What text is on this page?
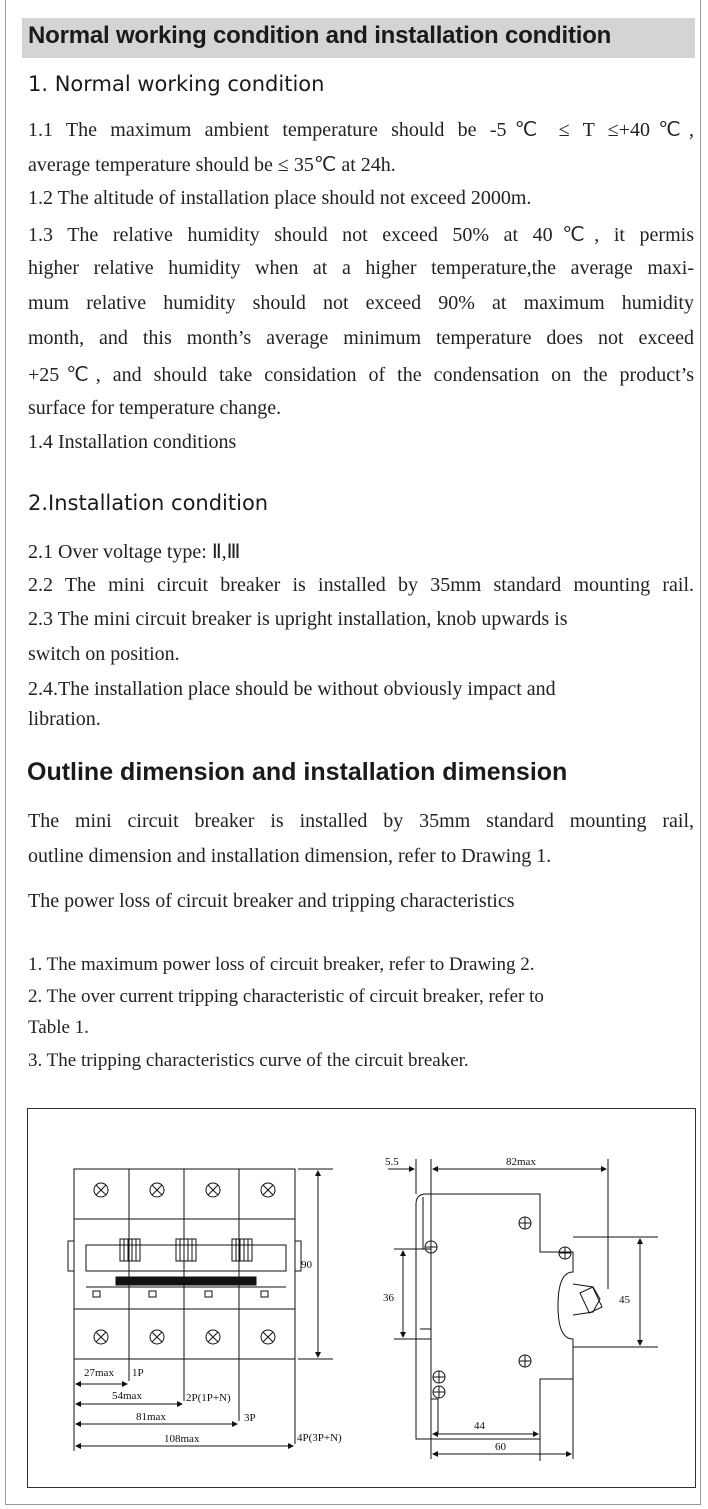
Normal working condition and installation condition
1. Normal working condition
1.1 The maximum ambient temperature should be -5℃ ≤ T ≤+40℃,
average temperature should be ≤ 35℃ at 24h.
1.2 The altitude of installation place should not exceed 2000m.
1.3 The relative humidity should not exceed 50% at 40℃, it permis
higher relative humidity when at a higher temperature,the average maxi-
mum relative humidity should not exceed 90% at maximum humidity
month, and this month’s average minimum temperature does not exceed
+25℃, and should take considation of the condensation on the product’s
surface for temperature change.
1.4 Installation conditions
2.Installation condition
2.1 Over voltage type: Ⅱ,Ⅲ
2.2 The mini circuit breaker is installed by 35mm standard mounting rail.
2.3 The mini circuit breaker is upright installation, knob upwards is
switch on position.
2.4.The installation place should be without obviously impact and
libration.
Outline dimension and installation dimension
The mini circuit breaker is installed by 35mm standard mounting rail,
outline dimension and installation dimension, refer to Drawing 1.
The power loss of circuit breaker and tripping characteristics
1. The maximum power loss of circuit breaker, refer to Drawing 2.
2. The over current tripping characteristic of circuit breaker, refer to
Table 1.
3. The tripping characteristics curve of the circuit breaker.
90
27max
54max
81max
108max
1P
2P(1P+N)
3P
4P(3P+N)
5.5	82max
36	45
44
60
